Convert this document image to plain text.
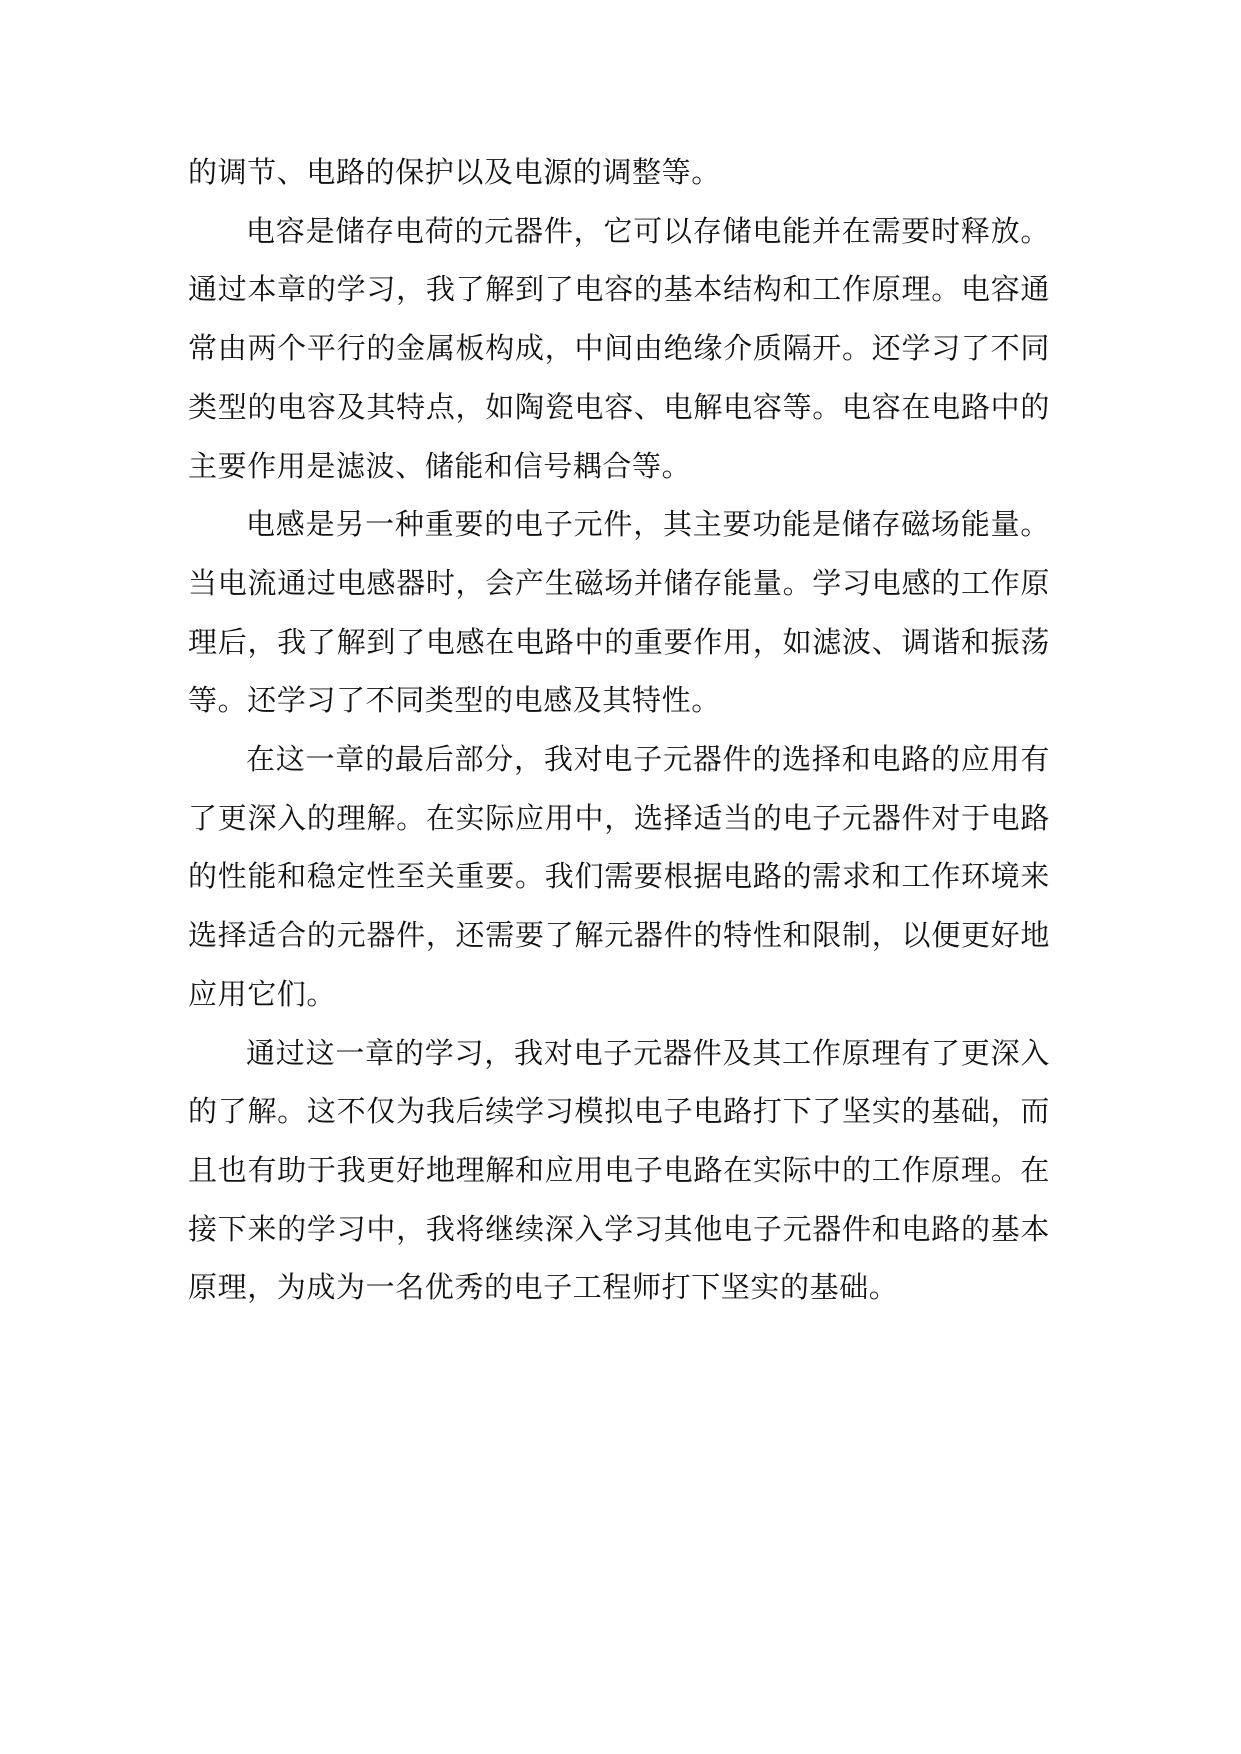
的调节、电路的保护以及电源的调整等。

电容是储存电荷的元器件，它可以存储电能并在需要时释放。通过本章的学习，我了解到了电容的基本结构和工作原理。电容通常由两个平行的金属板构成，中间由绝缘介质隔开。还学习了不同类型的电容及其特点，如陶瓷电容、电解电容等。电容在电路中的主要作用是滤波、储能和信号耦合等。

电感是另一种重要的电子元件，其主要功能是储存磁场能量。当电流通过电感器时，会产生磁场并储存能量。学习电感的工作原理后，我了解到了电感在电路中的重要作用，如滤波、调谐和振荡等。还学习了不同类型的电感及其特性。

在这一章的最后部分，我对电子元器件的选择和电路的应用有了更深入的理解。在实际应用中，选择适当的电子元器件对于电路的性能和稳定性至关重要。我们需要根据电路的需求和工作环境来选择适合的元器件，还需要了解元器件的特性和限制，以便更好地应用它们。

通过这一章的学习，我对电子元器件及其工作原理有了更深入的了解。这不仅为我后续学习模拟电子电路打下了坚实的基础，而且也有助于我更好地理解和应用电子电路在实际中的工作原理。在接下来的学习中，我将继续深入学习其他电子元器件和电路的基本原理，为成为一名优秀的电子工程师打下坚实的基础。
